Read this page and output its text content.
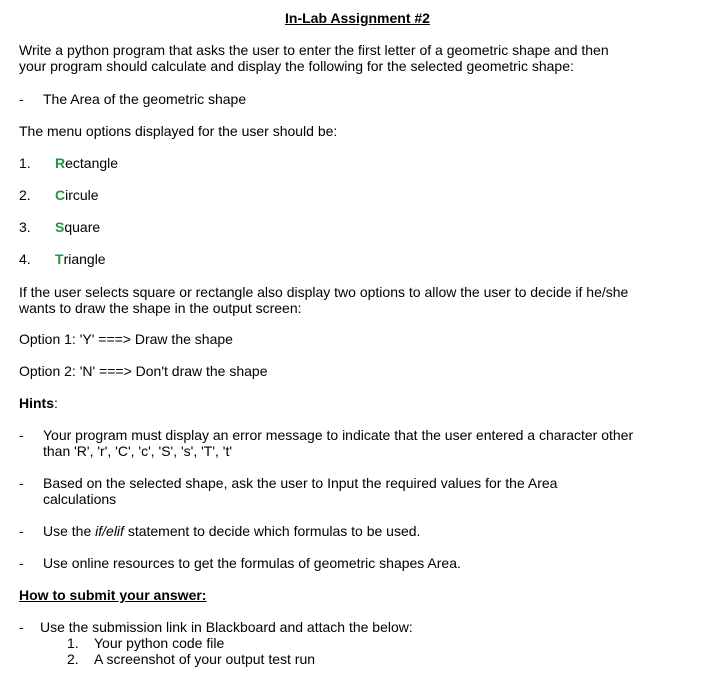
In-Lab Assignment #2
Write a python program that asks the user to enter the first letter of a geometric shape and then
your program should calculate and display the following for the selected geometric shape:
- The Area of the geometric shape
The menu options displayed for the user should be:
1. Rectangle
2. Circule
3. Square
4. Triangle
If the user selects square or rectangle also display two options to allow the user to decide if he/she
wants to draw the shape in the output screen:
Option 1: 'Y' ===> Draw the shape
Option 2: 'N' ===> Don't draw the shape
Hints:
- Your program must display an error message to indicate that the user entered a character other
than 'R', 'r', 'C', 'c', 'S', 's', 'T', 't'
- Based on the selected shape, ask the user to Input the required values for the Area
calculations
- Use the if/elif statement to decide which formulas to be used.
- Use online resources to get the formulas of geometric shapes Area.
How to submit your answer:
- Use the submission link in Blackboard and attach the below:
1. Your python code file
2. A screenshot of your output test run
